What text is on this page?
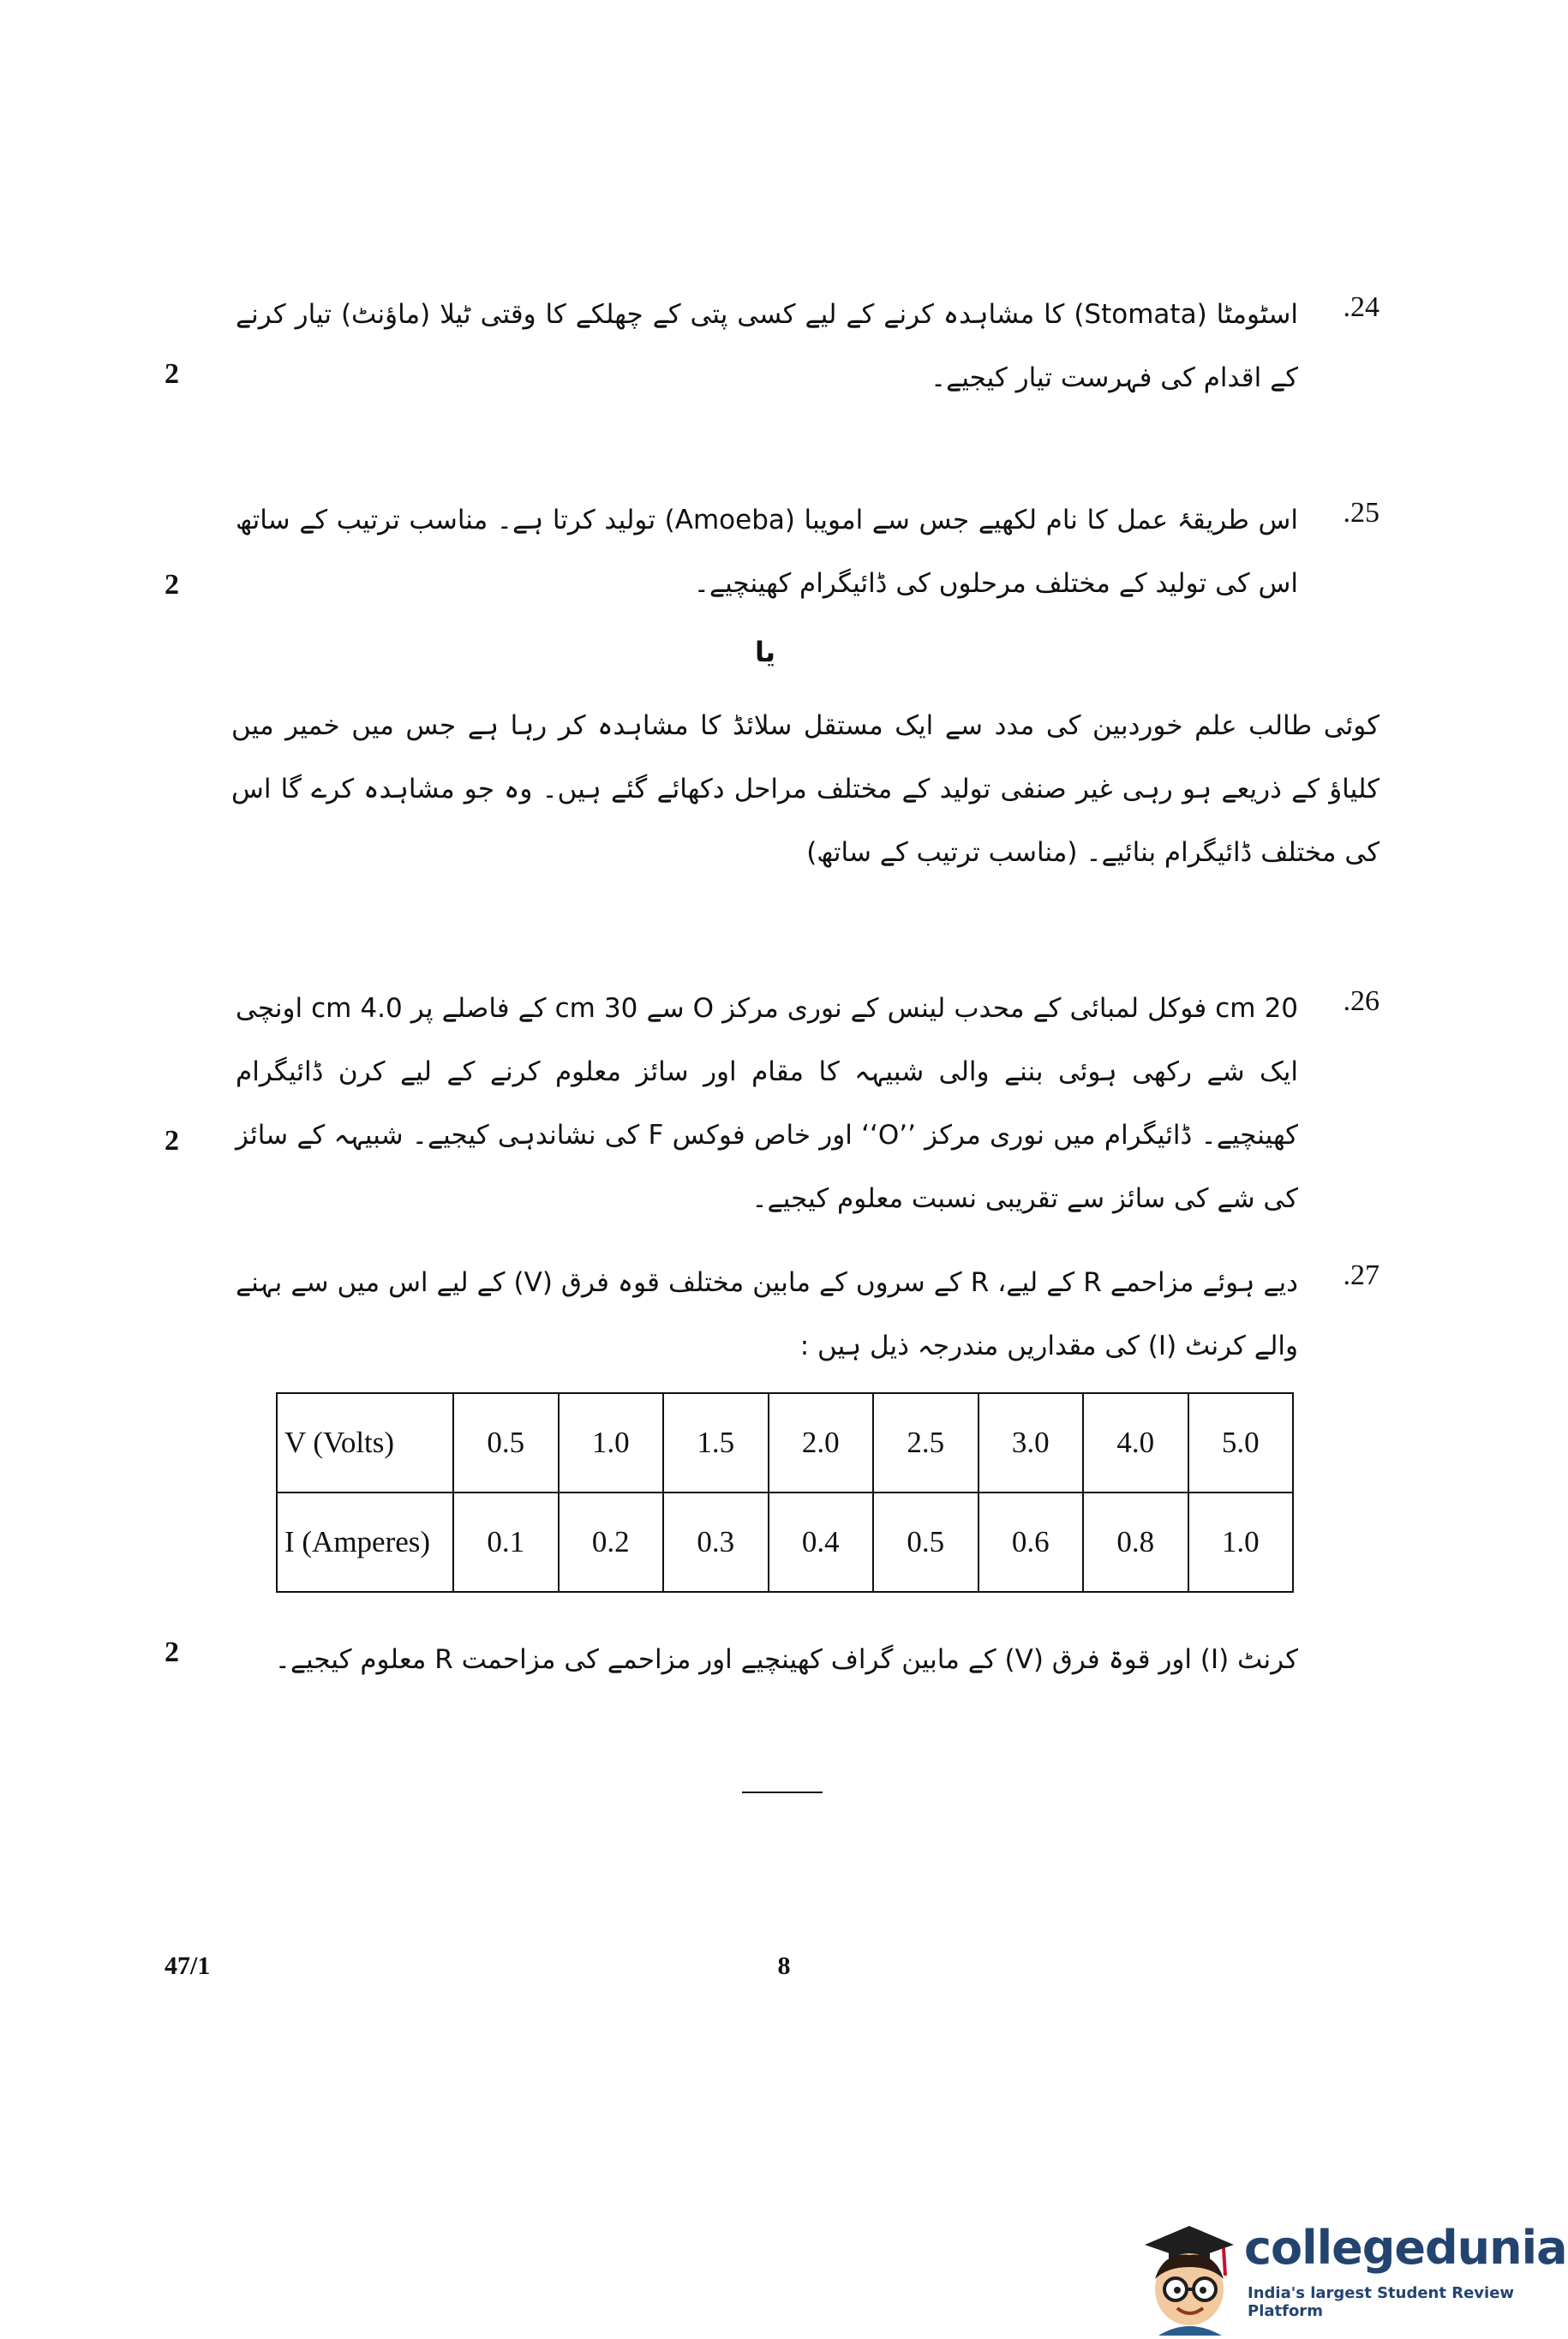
.24
اسٹومٹا (Stomata) کا مشاہدہ کرنے کے لیے کسی پتی کے چھلکے کا وقتی ٹیلا (ماؤنٹ) تیار کرنے کے اقدام کی فہرست تیار کیجیے۔
2
.25
اس طریقۂ عمل کا نام لکھیے جس سے امویبا (Amoeba) تولید کرتا ہے۔ مناسب ترتیب کے ساتھ اس کی تولید کے مختلف مرحلوں کی ڈائیگرام کھینچیے۔
2
یا
کوئی طالب علم خوردبین کی مدد سے ایک مستقل سلائڈ کا مشاہدہ کر رہا ہے جس میں خمیر میں کلیاؤ کے ذریعے ہو رہی غیر صنفی تولید کے مختلف مراحل دکھائے گئے ہیں۔ وہ جو مشاہدہ کرے گا اس کی مختلف ڈائیگرام بنائیے۔ (مناسب ترتیب کے ساتھ)
.26
20 cm فوکل لمبائی کے محدب لینس کے نوری مرکز O سے 30 cm کے فاصلے پر 4.0 cm اونچی ایک شے رکھی ہوئی بننے والی شبیہہ کا مقام اور سائز معلوم کرنے کے لیے کرن ڈائیگرام کھینچیے۔ ڈائیگرام میں نوری مرکز ’’O‘‘ اور خاص فوکس F کی نشاندہی کیجیے۔ شبیہہ کے سائز کی شے کی سائز سے تقریبی نسبت معلوم کیجیے۔
2
.27
دیے ہوئے مزاحمے R کے لیے، R کے سروں کے مابین مختلف قوہ فرق (V) کے لیے اس میں سے بہنے والے کرنٹ (I) کی مقداریں مندرجہ ذیل ہیں :
V (Volts)	0.5	1.0	1.5	2.0	2.5	3.0	4.0	5.0
I (Amperes)	0.1	0.2	0.3	0.4	0.5	0.6	0.8	1.0
کرنٹ (I) اور قوۃ فرق (V) کے مابین گراف کھینچیے اور مزاحمے کی مزاحمت R معلوم کیجیے۔
2
47/1	8
collegedunia
India's largest Student Review Platform
